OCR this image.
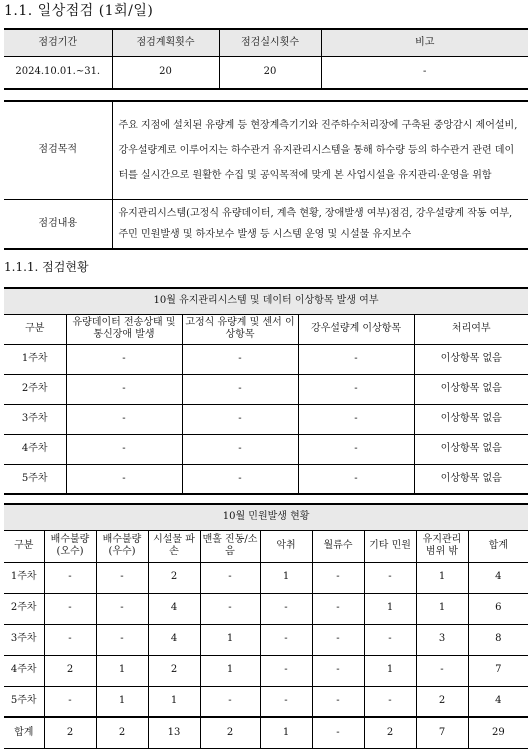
1.1. 일상점검 (1회/일)
점검기간	점검계획횟수	점검실시횟수	비고
2024.10.01.~31.	20	20	-
점검목적	주요 지점에 설치된 유량계 등 현장계측기기와 진주하수처리장에 구축된 중앙감시 제어설비, 강우설량계로 이루어지는 하수관거 유지관리시스템을 통해 하수량 등의 하수관거 관련 데이터를 실시간으로 원활한 수집 및 공익목적에 맞게 본 사업시설을 유지관리·운영을 위함
점검내용	유지관리시스템(고정식 유량데이터, 계측 현황, 장애발생 여부)점검, 강우설량계 작동 여부, 주민 민원발생 및 하자보수 발생 등 시스템 운영 및 시설물 유지보수
1.1.1. 점검현황
10월 유지관리시스템 및 데이터 이상항목 발생 여부				
구분	유량데이터 전송상태 및 통신장애 발생	고정식 유량계 및 센서 이상항목	강우설량계 이상항목	처리여부
1주차	-	-	-	이상항목 없음
2주차	-	-	-	이상항목 없음
3주차	-	-	-	이상항목 없음
4주차	-	-	-	이상항목 없음
5주차	-	-	-	이상항목 없음
10월 민원발생 현황									
구분	배수불량 (오수)	배수불량 (우수)	시설물 파손	맨홀 진동/소음	악취	월류수	기타 민원	유지관리 범위 밖	합계
1주차	-	-	2	-	1	-	-	1	4
2주차	-	-	4	-	-	-	1	1	6
3주차	-	-	4	1	-	-	-	3	8
4주차	2	1	2	1	-	-	1	-	7
5주차	-	1	1	-	-	-	-	2	4
합계	2	2	13	2	1	-	2	7	29
